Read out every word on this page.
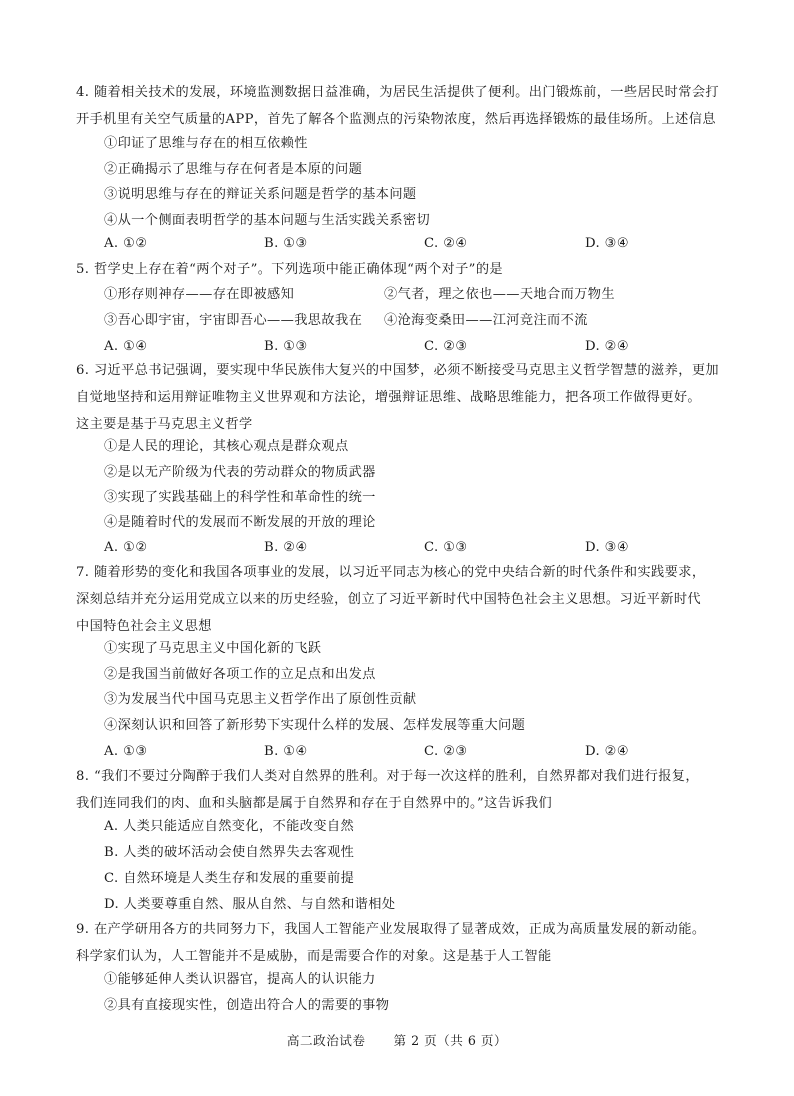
4. 随着相关技术的发展，环境监测数据日益准确，为居民生活提供了便利。出门锻炼前，一些居民时常会打
开手机里有关空气质量的APP，首先了解各个监测点的污染物浓度，然后再选择锻炼的最佳场所。上述信息
①印证了思维与存在的相互依赖性
②正确揭示了思维与存在何者是本原的问题
③说明思维与存在的辩证关系问题是哲学的基本问题
④从一个侧面表明哲学的基本问题与生活实践关系密切
A. ①②	B. ①③	C. ②④	D. ③④
5. 哲学史上存在着“两个对子”。下列选项中能正确体现“两个对子”的是
①形存则神存——存在即被感知	②气者，理之依也——天地合而万物生
③吾心即宇宙，宇宙即吾心——我思故我在 ④沧海变桑田——江河竞注而不流
A. ①④	B. ①③	C. ②③	D. ②④
6. 习近平总书记强调，要实现中华民族伟大复兴的中国梦，必须不断接受马克思主义哲学智慧的滋养，更加
自觉地坚持和运用辩证唯物主义世界观和方法论，增强辩证思维、战略思维能力，把各项工作做得更好。
这主要是基于马克思主义哲学
①是人民的理论，其核心观点是群众观点
②是以无产阶级为代表的劳动群众的物质武器
③实现了实践基础上的科学性和革命性的统一
④是随着时代的发展而不断发展的开放的理论
A. ①②	B. ②④	C. ①③	D. ③④
7. 随着形势的变化和我国各项事业的发展，以习近平同志为核心的党中央结合新的时代条件和实践要求，
深刻总结并充分运用党成立以来的历史经验，创立了习近平新时代中国特色社会主义思想。习近平新时代
中国特色社会主义思想
①实现了马克思主义中国化新的飞跃
②是我国当前做好各项工作的立足点和出发点
③为发展当代中国马克思主义哲学作出了原创性贡献
④深刻认识和回答了新形势下实现什么样的发展、怎样发展等重大问题
A. ①③	B. ①④	C. ②③	D. ②④
8. “我们不要过分陶醉于我们人类对自然界的胜利。对于每一次这样的胜利，自然界都对我们进行报复，
我们连同我们的肉、血和头脑都是属于自然界和存在于自然界中的。”这告诉我们
A. 人类只能适应自然变化，不能改变自然
B. 人类的破坏活动会使自然界失去客观性
C. 自然环境是人类生存和发展的重要前提
D. 人类要尊重自然、服从自然、与自然和谐相处
9. 在产学研用各方的共同努力下，我国人工智能产业发展取得了显著成效，正成为高质量发展的新动能。
科学家们认为，人工智能并不是威胁，而是需要合作的对象。这是基于人工智能
①能够延伸人类认识器官，提高人的认识能力
②具有直接现实性，创造出符合人的需要的事物
高二政治试卷 第 2 页（共 6 页）
